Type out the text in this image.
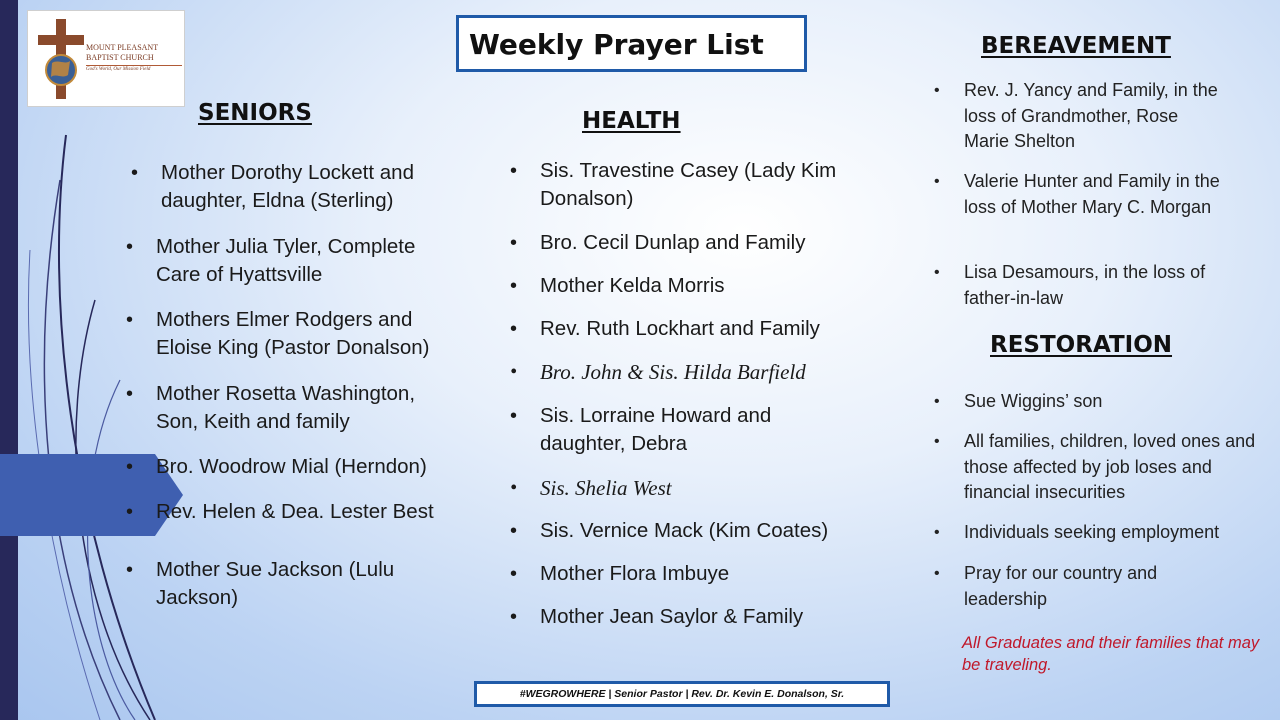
MOUNT PLEASANT BAPTIST CHURCH
God's World, Our Mission Field
Weekly Prayer List
SENIORS
• Mother Dorothy Lockett and daughter, Eldna (Sterling)
• Mother Julia Tyler, Complete Care of Hyattsville
• Mothers Elmer Rodgers and Eloise King (Pastor Donalson)
• Mother Rosetta Washington, Son, Keith and family
• Bro. Woodrow Mial (Herndon)
• Rev. Helen & Dea. Lester Best
• Mother Sue Jackson (Lulu Jackson)
HEALTH
• Sis. Travestine Casey (Lady Kim Donalson)
• Bro. Cecil Dunlap and Family
• Mother Kelda Morris
• Rev. Ruth Lockhart and Family
• Bro. John & Sis. Hilda Barfield
• Sis. Lorraine Howard and daughter, Debra
• Sis. Shelia West
• Sis. Vernice Mack (Kim Coates)
• Mother Flora Imbuye
• Mother Jean Saylor & Family
BEREAVEMENT
• Rev. J. Yancy and Family, in the loss of Grandmother, Rose Marie Shelton
• Valerie Hunter and Family in the loss of Mother Mary C. Morgan
• Lisa Desamours, in the loss of father-in-law
RESTORATION
• Sue Wiggins’ son
• All families, children, loved ones and those affected by job loses and financial insecurities
• Individuals seeking employment
• Pray for our country and leadership
All Graduates and their families that may be traveling.
#WEGROWHERE | Senior Pastor | Rev. Dr. Kevin E. Donalson, Sr.
